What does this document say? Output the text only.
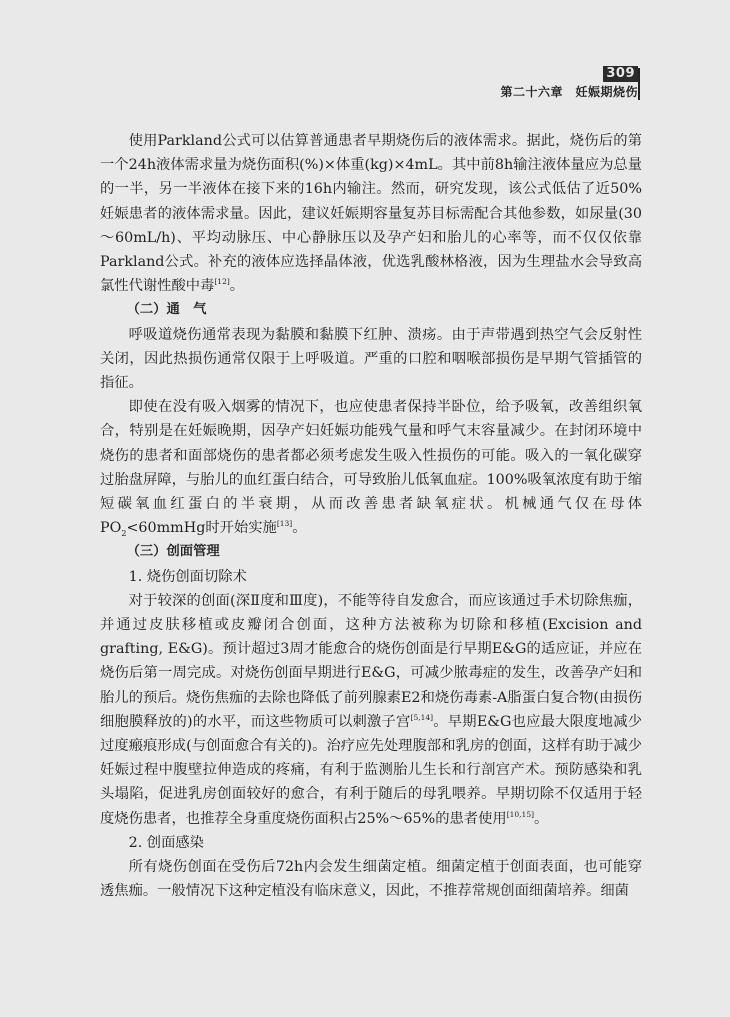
309
第二十六章　妊娠期烧伤

使用Parkland公式可以估算普通患者早期烧伤后的液体需求。据此，烧伤后的第一个24h液体需求量为烧伤面积(%)×体重(kg)×4mL。其中前8h输注液体量应为总量的一半，另一半液体在接下来的16h内输注。然而，研究发现，该公式低估了近50%妊娠患者的液体需求量。因此，建议妊娠期容量复苏目标需配合其他参数，如尿量(30～60mL/h)、平均动脉压、中心静脉压以及孕产妇和胎儿的心率等，而不仅仅依靠Parkland公式。补充的液体应选择晶体液，优选乳酸林格液，因为生理盐水会导致高氯性代谢性酸中毒[12]。

（二）通　气

呼吸道烧伤通常表现为黏膜和黏膜下红肿、溃疡。由于声带遇到热空气会反射性关闭，因此热损伤通常仅限于上呼吸道。严重的口腔和咽喉部损伤是早期气管插管的指征。

即使在没有吸入烟雾的情况下，也应使患者保持半卧位，给予吸氧，改善组织氧合，特别是在妊娠晚期，因孕产妇妊娠功能残气量和呼气末容量减少。在封闭环境中烧伤的患者和面部烧伤的患者都必须考虑发生吸入性损伤的可能。吸入的一氧化碳穿过胎盘屏障，与胎儿的血红蛋白结合，可导致胎儿低氧血症。100%吸氧浓度有助于缩短碳氧血红蛋白的半衰期，从而改善患者缺氧症状。机械通气仅在母体$PO_2<60mmHg$时开始实施[13]。

（三）创面管理
1. 烧伤创面切除术

对于较深的创面(深Ⅱ度和Ⅲ度)，不能等待自发愈合，而应该通过手术切除焦痂，并通过皮肤移植或皮瓣闭合创面，这种方法被称为切除和移植(Excision and grafting, E&G)。预计超过3周才能愈合的烧伤创面是行早期E&G的适应证，并应在烧伤后第一周完成。对烧伤创面早期进行E&G，可减少脓毒症的发生，改善孕产妇和胎儿的预后。烧伤焦痂的去除也降低了前列腺素E2和烧伤毒素-A脂蛋白复合物(由损伤细胞膜释放的)的水平，而这些物质可以刺激子宫[5,14]。早期E&G也应最大限度地减少过度瘢痕形成(与创面愈合有关的)。治疗应先处理腹部和乳房的创面，这样有助于减少妊娠过程中腹壁拉伸造成的疼痛，有利于监测胎儿生长和行剖宫产术。预防感染和乳头塌陷，促进乳房创面较好的愈合，有利于随后的母乳喂养。早期切除不仅适用于轻度烧伤患者，也推荐全身重度烧伤面积占25%～65%的患者使用[10,15]。

2. 创面感染

所有烧伤创面在受伤后72h内会发生细菌定植。细菌定植于创面表面，也可能穿透焦痂。一般情况下这种定植没有临床意义，因此，不推荐常规创面细菌培养。细菌
